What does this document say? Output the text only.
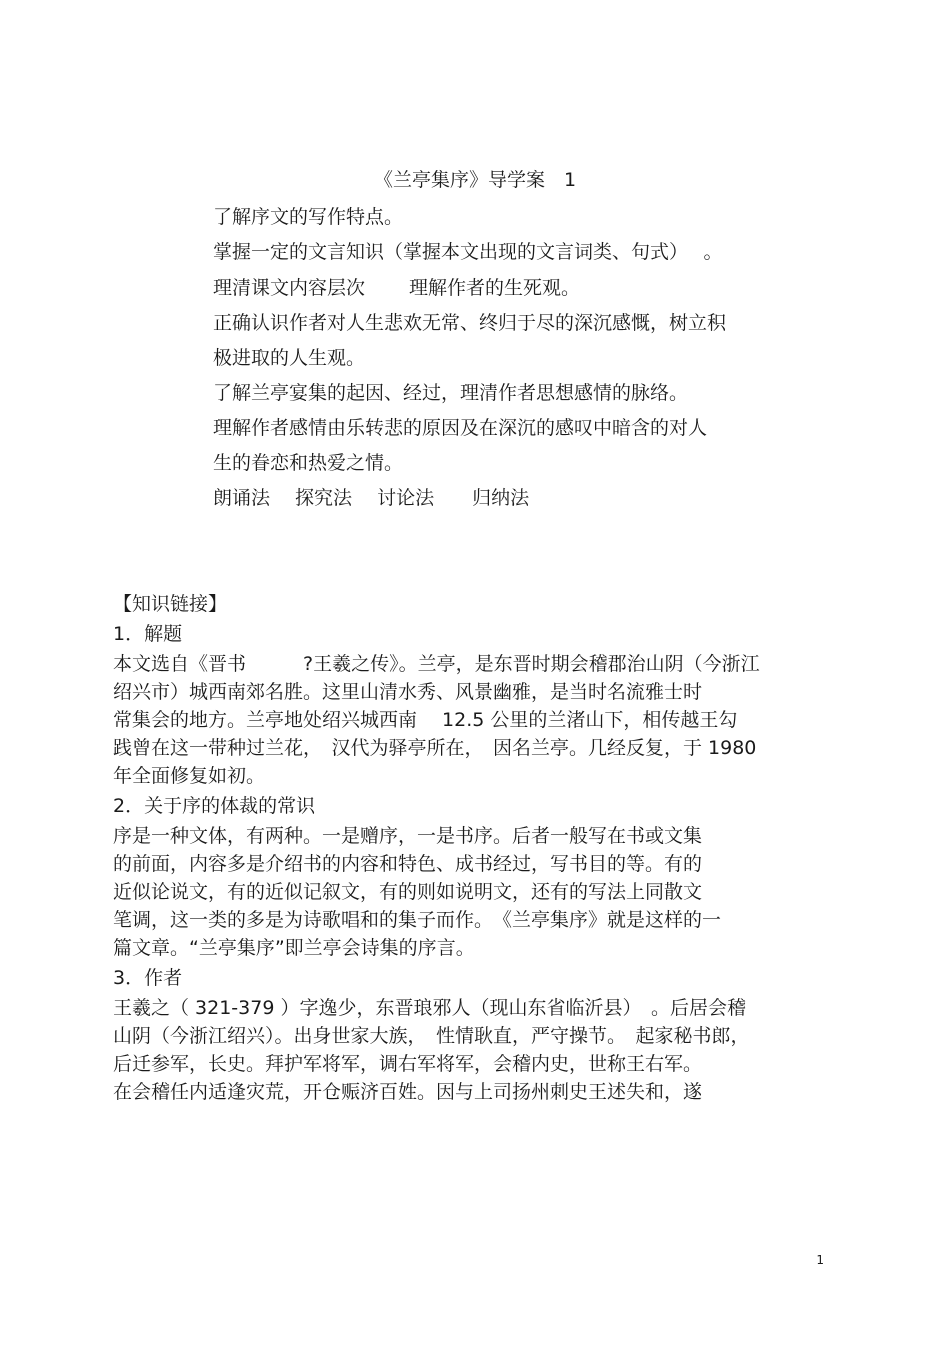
《兰亭集序》导学案　1
了解序文的写作特点。
掌握一定的文言知识（掌握本文出现的文言词类、句式）　 。
理清课文内容层次　　 理解作者的生死观。
正确认识作者对人生悲欢无常、终归于尽的深沉感慨，树立积
极进取的人生观。
了解兰亭宴集的起因、经过，理清作者思想感情的脉络。
理解作者感情由乐转悲的原因及在深沉的感叹中暗含的对人
生的眷恋和热爱之情。
朗诵法　 探究法　 讨论法　　归纳法
【知识链接】
1．解题
本文选自《晋书　　　?王羲之传》。兰亭，是东晋时期会稽郡治山阴（今浙江
绍兴市）城西南郊名胜。这里山清水秀、风景幽雅，是当时名流雅士时
常集会的地方。兰亭地处绍兴城西南　 12.5 公里的兰渚山下，相传越王勾
践曾在这一带种过兰花，　汉代为驿亭所在，　因名兰亭。几经反复，于 1980
年全面修复如初。
2．关于序的体裁的常识
序是一种文体，有两种。一是赠序，一是书序。后者一般写在书或文集
的前面，内容多是介绍书的内容和特色、成书经过，写书目的等。有的
近似论说文，有的近似记叙文，有的则如说明文，还有的写法上同散文
笔调，这一类的多是为诗歌唱和的集子而作。　《兰亭集序》就是这样的一
篇文章。“兰亭集序”即兰亭会诗集的序言。
3．作者
王羲之（ 321-379 ）字逸少，东晋琅邪人（现山东省临沂县）　。后居会稽
山阴（今浙江绍兴）。出身世家大族，　性情耿直，严守操节。　起家秘书郎，
后迁参军，长史。拜护军将军，调右军将军，会稽内史，世称王右军。
在会稽任内适逢灾荒，开仓赈济百姓。因与上司扬州刺史王述失和，遂
1
